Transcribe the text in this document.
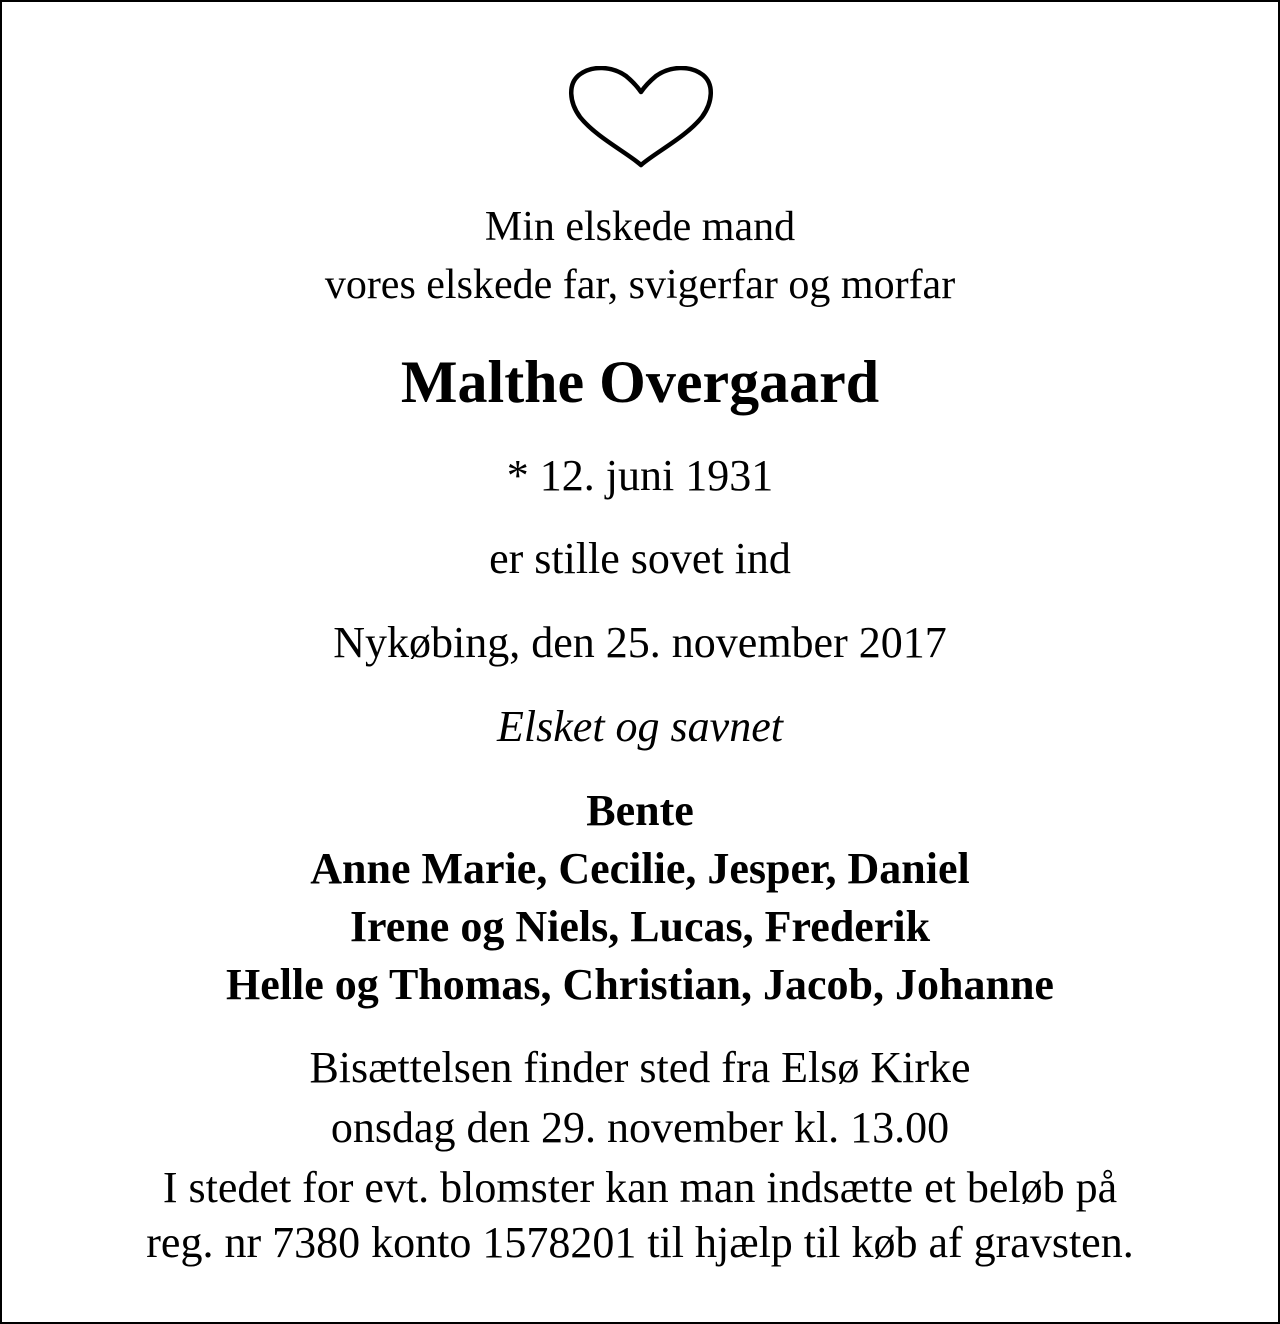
Min elskede mand
vores elskede far, svigerfar og morfar
Malthe Overgaard
* 12. juni 1931
er stille sovet ind
Nykøbing, den 25. november 2017
Elsket og savnet
Bente
Anne Marie, Cecilie, Jesper, Daniel
Irene og Niels, Lucas, Frederik
Helle og Thomas, Christian, Jacob, Johanne
Bisættelsen finder sted fra Elsø Kirke
onsdag den 29. november kl. 13.00
I stedet for evt. blomster kan man indsætte et beløb på
reg. nr 7380 konto 1578201 til hjælp til køb af gravsten.
